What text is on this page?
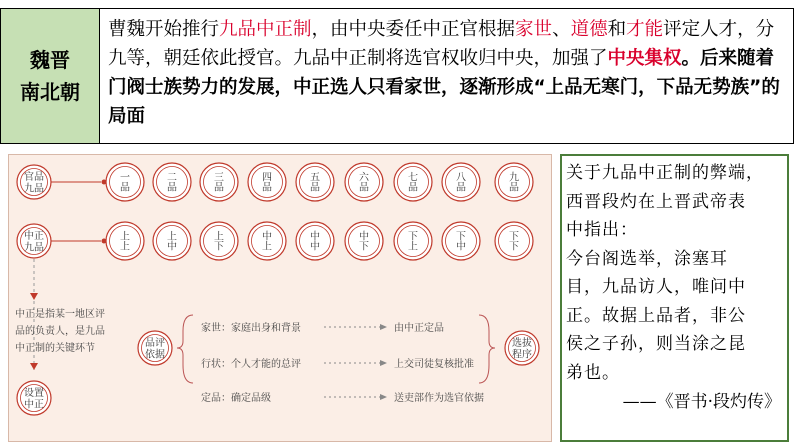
魏晋
南北朝
曹魏开始推行九品中正制，由中央委任中正官根据家世、道德和才能评定人才，分九等，朝廷依此授官。九品中正制将选官权收归中央，加强了中央集权。后来随着门阀士族势力的发展，中正选人只看家世，逐渐形成“上品无寒门，下品无势族”的局面
官品
九品
中正
九品
一
品
二
品
三
品
四
品
五
品
六
品
七
品
八
品
九
品
上
上
上
中
上
下
中
上
中
中
中
下
下
上
下
中
下
下
中正是指某一地区评
品的负责人，是九品
中正制的关键环节
设置
中正
品评
依据
家世：家庭出身和背景	由中正定品
行状：个人才能的总评	上交司徒复核批准
定品：确定品级	送吏部作为选官依据
选拔
程序
关于九品中正制的弊端，
西晋段灼在上晋武帝表
中指出：
今台阁选举，涂塞耳
目，九品访人，唯问中
正。故据上品者，非公
侯之子孙，则当涂之昆
弟也。
——《晋书·段灼传》
